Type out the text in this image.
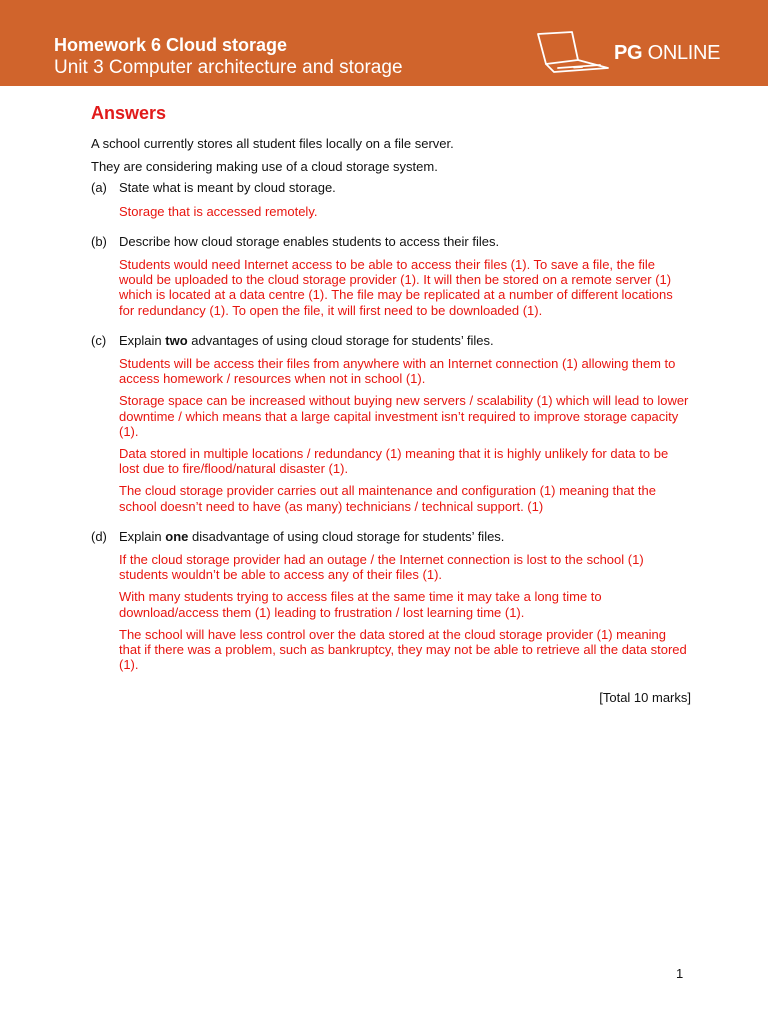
Homework 6 Cloud storage
Unit 3 Computer architecture and storage
PG ONLINE
Answers

A school currently stores all student files locally on a file server.

They are considering making use of a cloud storage system.

(a) State what is meant by cloud storage.

Storage that is accessed remotely.

(b) Describe how cloud storage enables students to access their files.

Students would need Internet access to be able to access their files (1). To save a file, the file would be uploaded to the cloud storage provider (1). It will then be stored on a remote server (1) which is located at a data centre (1). The file may be replicated at a number of different locations for redundancy (1). To open the file, it will first need to be downloaded (1).

(c) Explain two advantages of using cloud storage for students’ files.

Students will be access their files from anywhere with an Internet connection (1) allowing them to access homework / resources when not in school (1).

Storage space can be increased without buying new servers / scalability (1) which will lead to lower downtime / which means that a large capital investment isn’t required to improve storage capacity (1).

Data stored in multiple locations / redundancy (1) meaning that it is highly unlikely for data to be lost due to fire/flood/natural disaster (1).

The cloud storage provider carries out all maintenance and configuration (1) meaning that the school doesn’t need to have (as many) technicians / technical support. (1)

(d) Explain one disadvantage of using cloud storage for students’ files.

If the cloud storage provider had an outage / the Internet connection is lost to the school (1) students wouldn’t be able to access any of their files (1).

With many students trying to access files at the same time it may take a long time to download/access them (1) leading to frustration / lost learning time (1).

The school will have less control over the data stored at the cloud storage provider (1) meaning that if there was a problem, such as bankruptcy, they may not be able to retrieve all the data stored (1).

[Total 10 marks]

1
